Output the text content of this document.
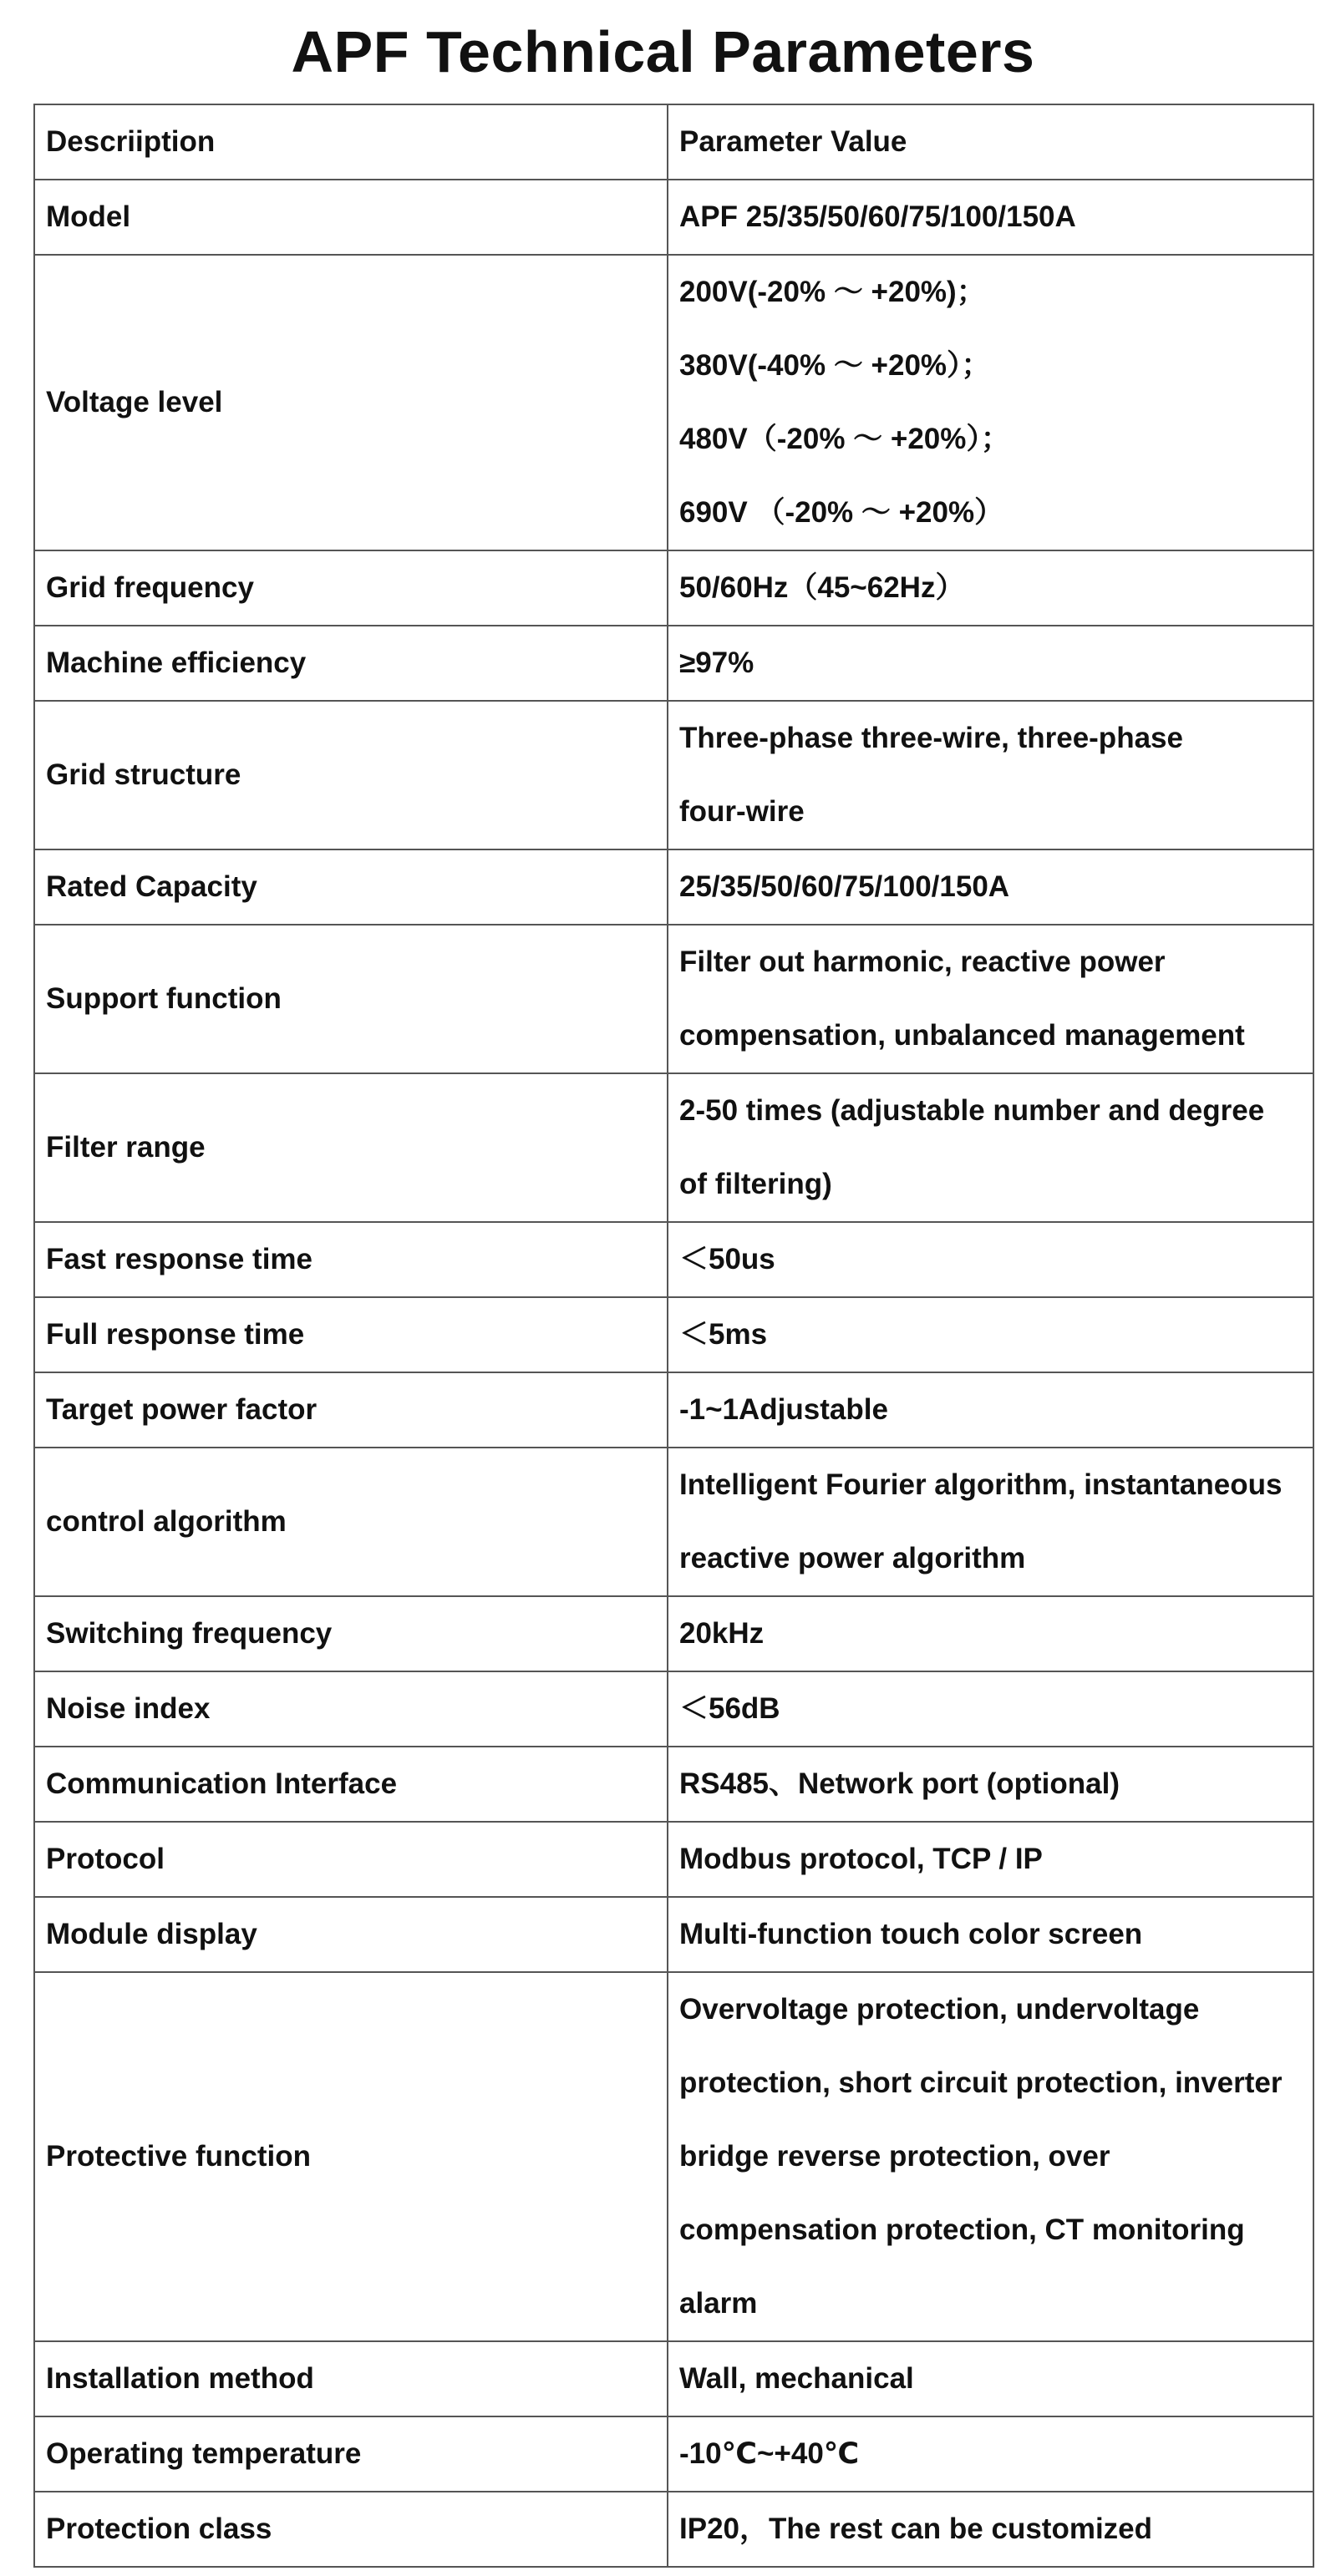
APF Technical Parameters
Descriiption	Parameter Value

Model	APF 25/35/50/60/75/100/150A

Voltage level	200V(-20% ～ +20%)；
380V(-40% ～ +20%）；
480V（-20% ～ +20%）；
690V （-20% ～ +20%）

Grid frequency	50/60Hz（45~62Hz）

Machine efficiency	≥97%

Grid structure	Three-phase three-wire, three-phase
four-wire

Rated Capacity	25/35/50/60/75/100/150A

Support function	Filter out harmonic, reactive power
compensation, unbalanced management

Filter range	2-50 times (adjustable number and degree
of filtering)

Fast response time	＜50us

Full response time	＜5ms

Target power factor	-1~1Adjustable

control algorithm	Intelligent Fourier algorithm, instantaneous
reactive power algorithm

Switching frequency	20kHz

Noise index	＜56dB

Communication Interface	RS485、Network port (optional)

Protocol	Modbus protocol, TCP / IP

Module display	Multi-function touch color screen

Protective function	Overvoltage protection, undervoltage
protection, short circuit protection, inverter
bridge reverse protection, over
compensation protection, CT monitoring
alarm

Installation method	Wall, mechanical

Operating temperature	-10℃~+40℃

Protection class	IP20，The rest can be customized
